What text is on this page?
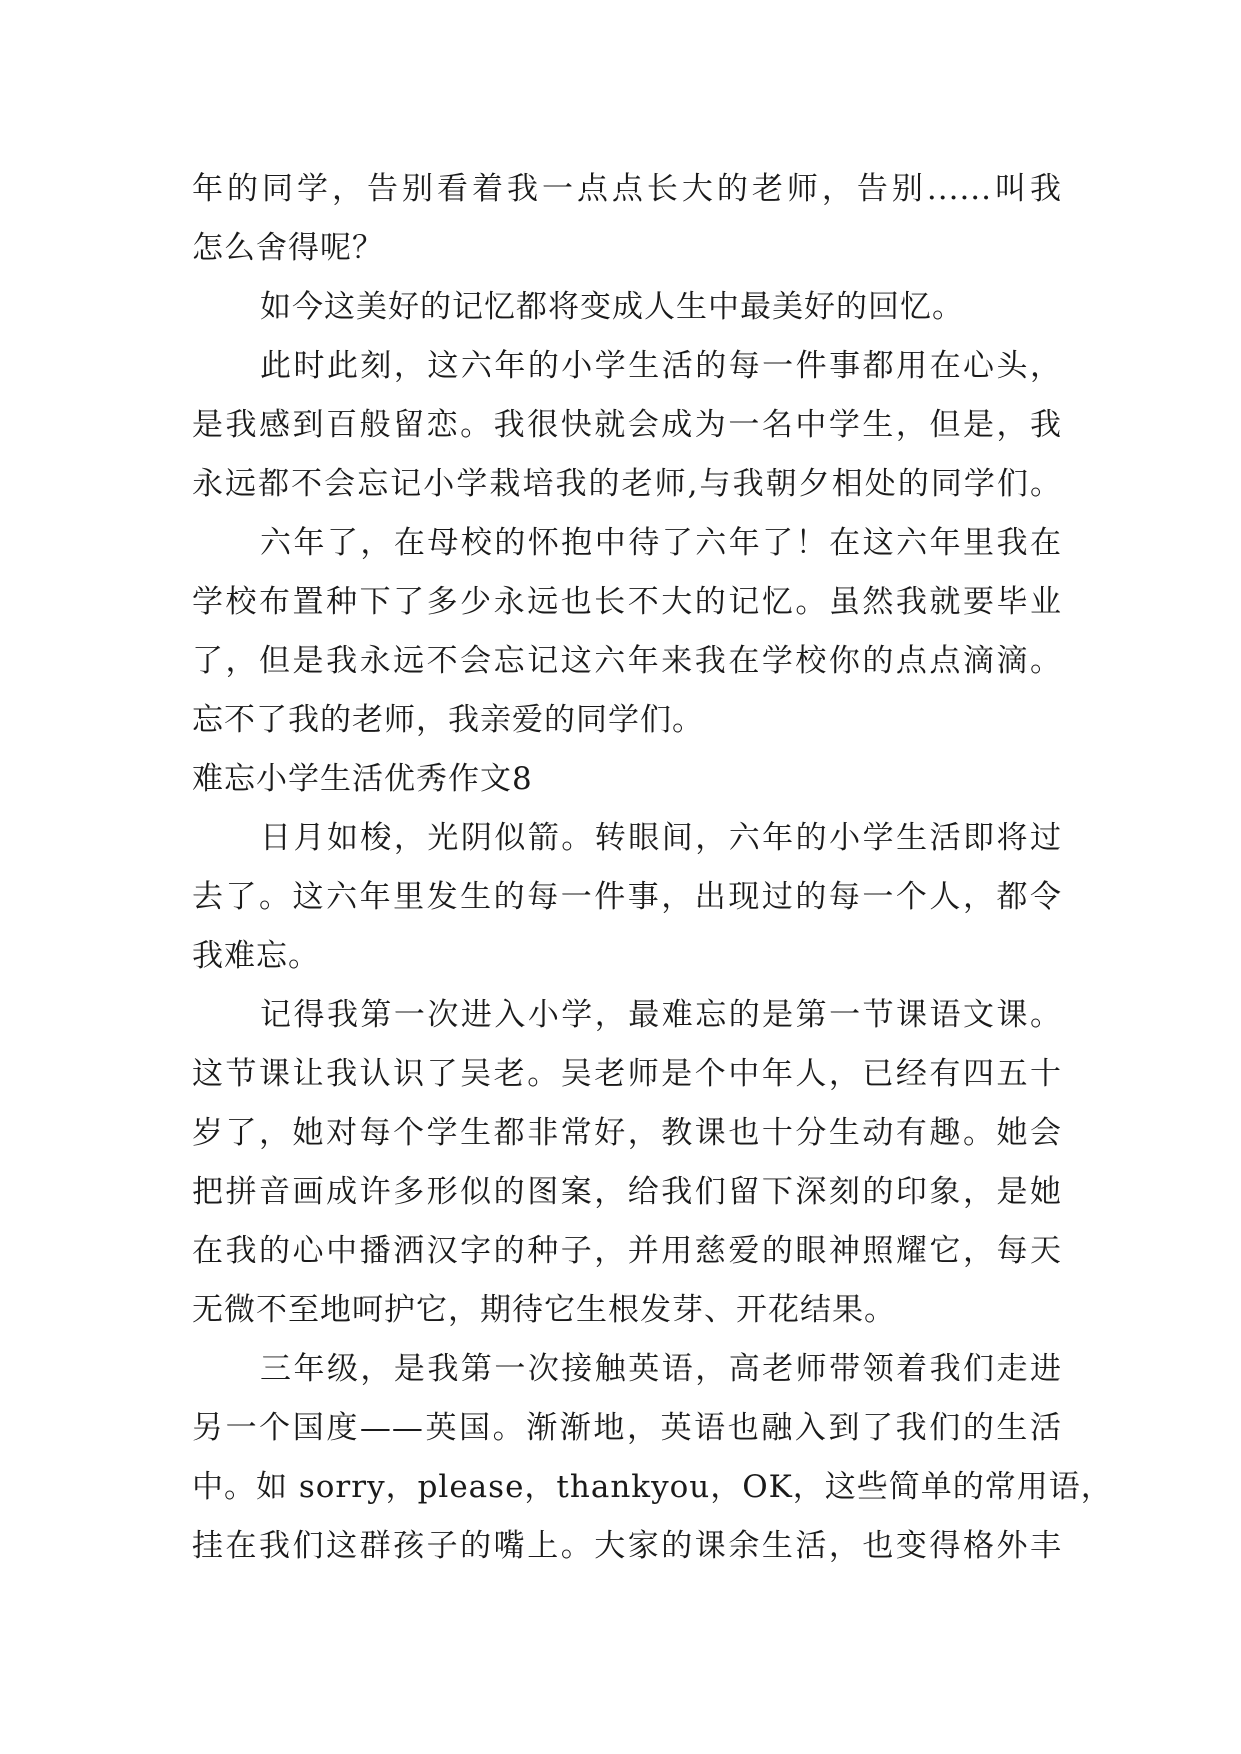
年的同学，告别看着我一点点长大的老师，告别......叫我
怎么舍得呢？
如今这美好的记忆都将变成人生中最美好的回忆。
此时此刻，这六年的小学生活的每一件事都用在心头，
是我感到百般留恋。我很快就会成为一名中学生，但是，我
永远都不会忘记小学栽培我的老师,与我朝夕相处的同学们。
六年了，在母校的怀抱中待了六年了！在这六年里我在
学校布置种下了多少永远也长不大的记忆。虽然我就要毕业
了，但是我永远不会忘记这六年来我在学校你的点点滴滴。
忘不了我的老师，我亲爱的同学们。
难忘小学生活优秀作文8
日月如梭，光阴似箭。转眼间，六年的小学生活即将过
去了。这六年里发生的每一件事，出现过的每一个人，都令
我难忘。
记得我第一次进入小学，最难忘的是第一节课语文课。
这节课让我认识了吴老。吴老师是个中年人，已经有四五十
岁了，她对每个学生都非常好，教课也十分生动有趣。她会
把拼音画成许多形似的图案，给我们留下深刻的印象，是她
在我的心中播洒汉字的种子，并用慈爱的眼神照耀它，每天
无微不至地呵护它，期待它生根发芽、开花结果。
三年级，是我第一次接触英语，高老师带领着我们走进
另一个国度——英国。渐渐地，英语也融入到了我们的生活
中。如 sorry，please，thankyou，OK，这些简单的常用语，
挂在我们这群孩子的嘴上。大家的课余生活，也变得格外丰
